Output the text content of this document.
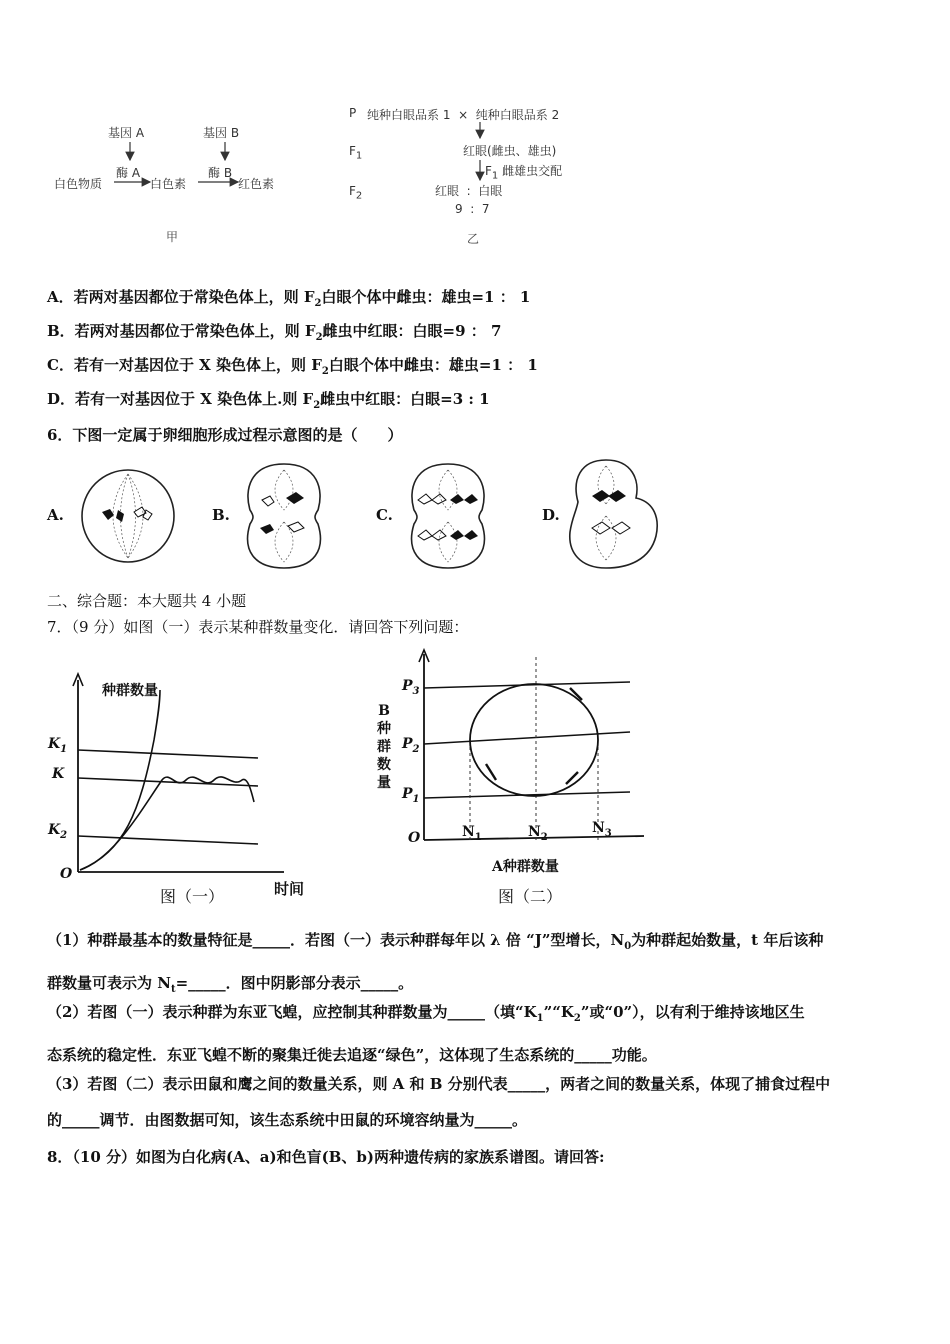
基因 A	基因 B
酶 A	酶 B
白色物质	白色素	红色素
甲
P 纯种白眼品系 1  ×  纯种白眼品系 2
$F_1$	红眼(雌虫、雄虫)
$F_1$ 雌雄虫交配
$F_2$	红眼  :  白眼
9  :  7
乙
A．若两对基因都位于常染色体上，则 $F_2$白眼个体中雌虫：雄虫=1 ： 1
B．若两对基因都位于常染色体上，则 $F_2$雌虫中红眼：白眼=9 ： 7
C．若有一对基因位于 X 染色体上，则 $F_2$白眼个体中雌虫：雄虫=1 ： 1
D．若有一对基因位于 X 染色体上.则 $F_2$雌虫中红眼：白眼=3 : 1
6．下图一定属于卵细胞形成过程示意图的是（　　）
A.	B.	C.	D.
二、综合题：本大题共 4 小题
7．（9 分）如图（一）表示某种群数量变化．请回答下列问题：
种群数量
$K_1$
K
$K_2$
O
图（一）	时间
B
种
群
数
量
$P_3$
$P_2$
$P_1$
O	$N_1$	$N_2$
$N_3$
A种群数量
图（二）
（1）种群最基本的数量特征是_____．若图（一）表示种群每年以 λ 倍 “J”型增长，$N_0$为种群起始数量，t 年后该种
群数量可表示为 $N_t=\_\_\_\_\_$．图中阴影部分表示_____。
（2）若图（一）表示种群为东亚飞蝗，应控制其种群数量为_____（填“$K_1”“K_2$”或“0”），以有利于维持该地区生
态系统的稳定性．东亚飞蝗不断的聚集迁徙去追逐“绿色”，这体现了生态系统的_____功能。
（3）若图（二）表示田鼠和鹰之间的数量关系，则 A 和 B 分别代表_____，两者之间的数量关系，体现了捕食过程中
的_____调节．由图数据可知，该生态系统中田鼠的环境容纳量为_____。
8．（10 分）如图为白化病(A、a)和色盲(B、b)两种遗传病的家族系谱图。请回答:
